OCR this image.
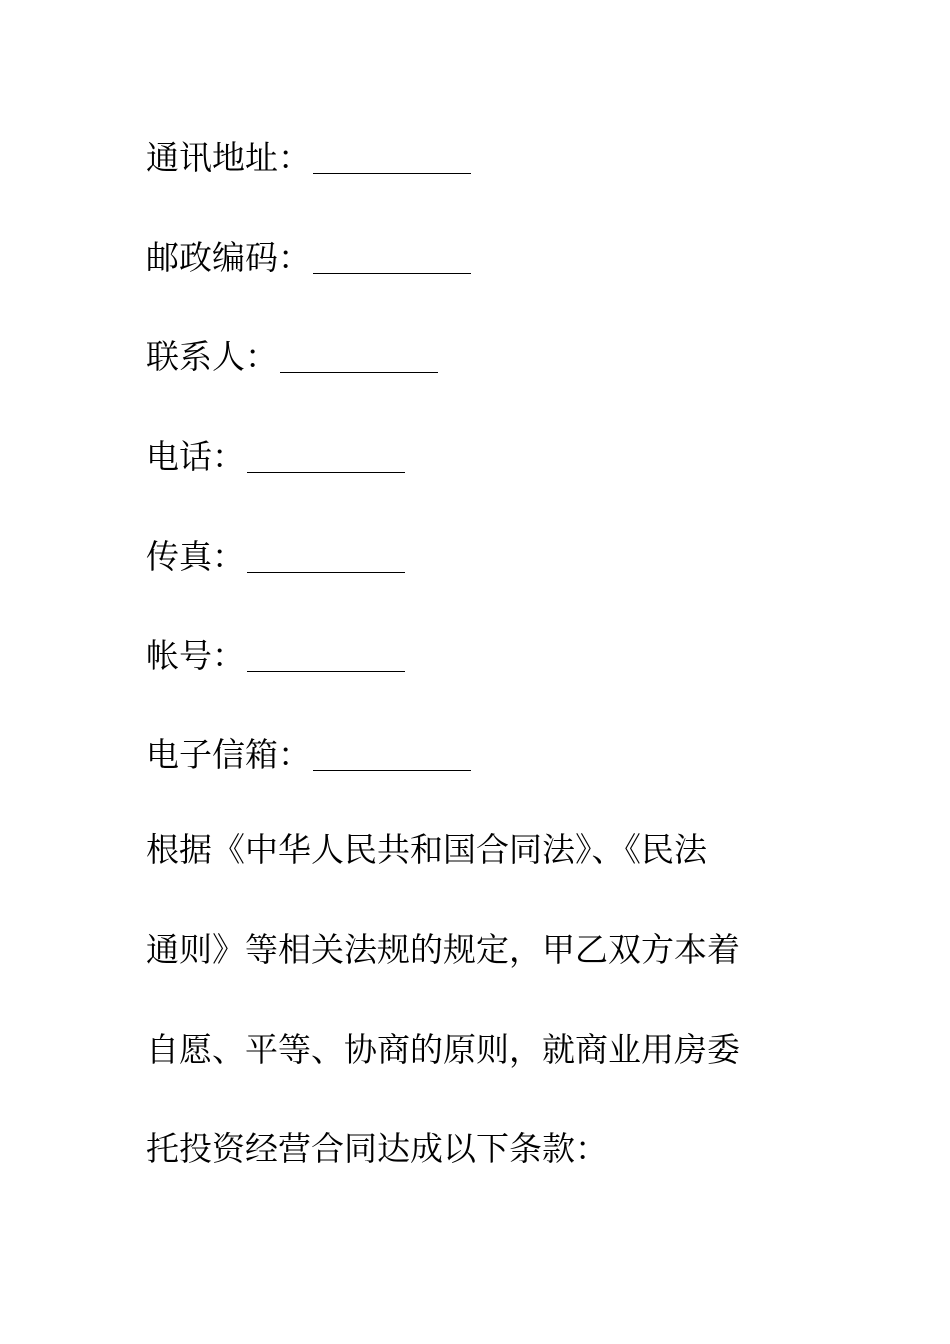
通讯地址：
邮政编码：
联系人：
电话：
传真：
帐号：
电子信箱：
根据《中华人民共和国合同法》、《民法
通则》等相关法规的规定，甲乙双方本着
自愿、平等、协商的原则，就商业用房委
托投资经营合同达成以下条款：
